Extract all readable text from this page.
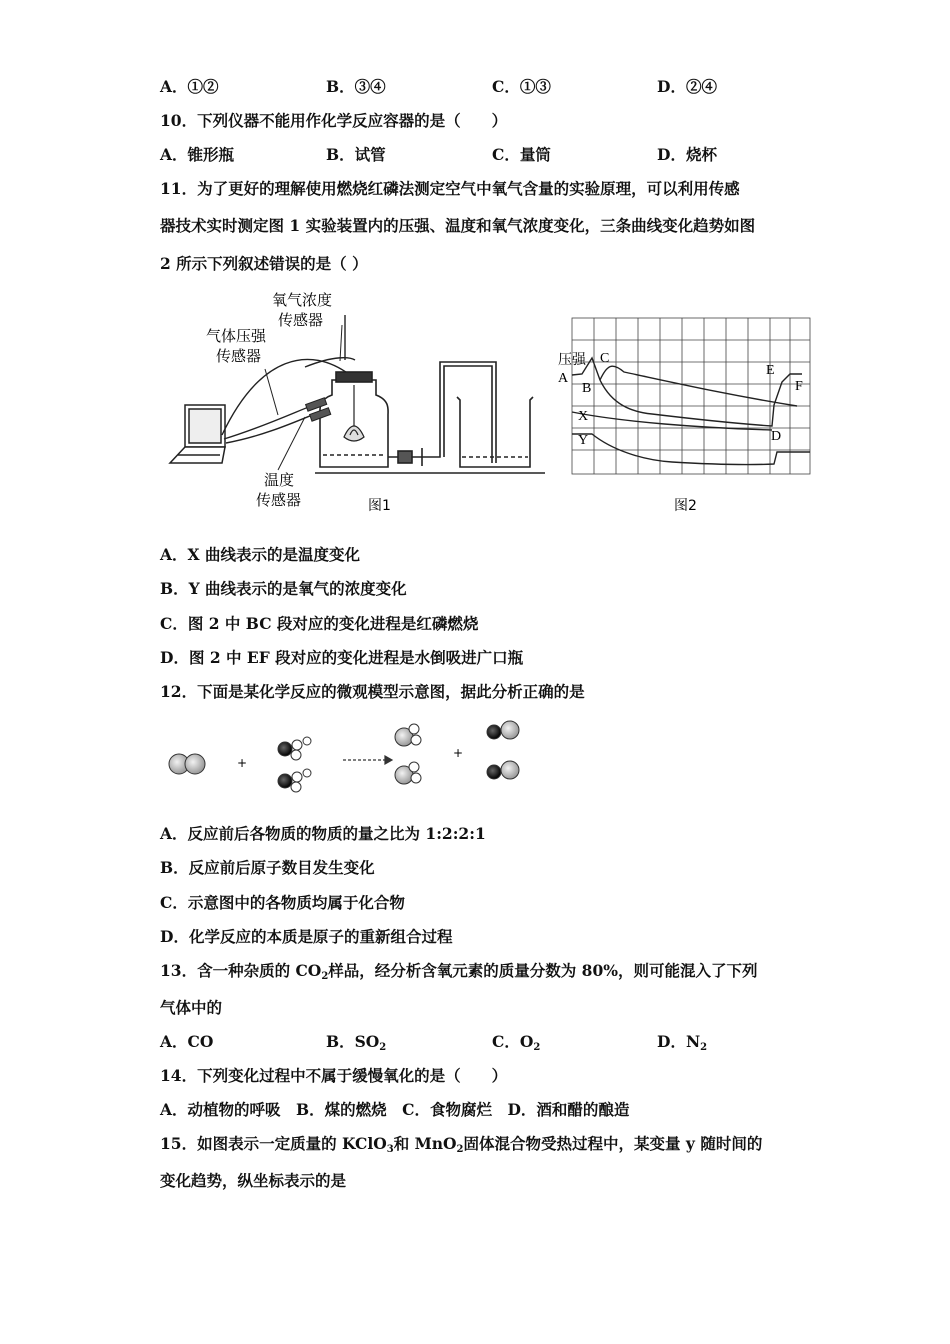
A．①②	B．③④	C．①③	D．②④
10．下列仪器不能用作化学反应容器的是（　　）
A．锥形瓶	B．试管	C．量筒	D．烧杯
11．为了更好的理解使用燃烧红磷法测定空气中氧气含量的实验原理，可以利用传感
器技术实时测定图 1 实验装置内的压强、温度和氧气浓度变化，三条曲线变化趋势如图
2 所示下列叙述错误的是（ ）
氧气浓度
传感器
气体压强
传感器
温度
传感器	图1
压强
A
B
C
X
Y	D
E
F
图2
A．X 曲线表示的是温度变化
B．Y 曲线表示的是氧气的浓度变化
C．图 2 中 BC 段对应的变化进程是红磷燃烧
D．图 2 中 EF 段对应的变化进程是水倒吸进广口瓶
12．下面是某化学反应的微观模型示意图，据此分析正确的是
+
+
A．反应前后各物质的物质的量之比为 1:2:2:1
B．反应前后原子数目发生变化
C．示意图中的各物质均属于化合物
D．化学反应的本质是原子的重新组合过程
13．含一种杂质的 $CO_2$样品，经分析含氧元素的质量分数为 80%，则可能混入了下列
气体中的
A．CO	B．$SO_2$	C．$O_2$	D．$N_2$
14．下列变化过程中不属于缓慢氧化的是（　　）
A．动植物的呼吸　B．煤的燃烧　C．食物腐烂　D．酒和醋的酿造
15．如图表示一定质量的 KClO$_3$和 MnO$_2$固体混合物受热过程中，某变量 y 随时间的
变化趋势，纵坐标表示的是
